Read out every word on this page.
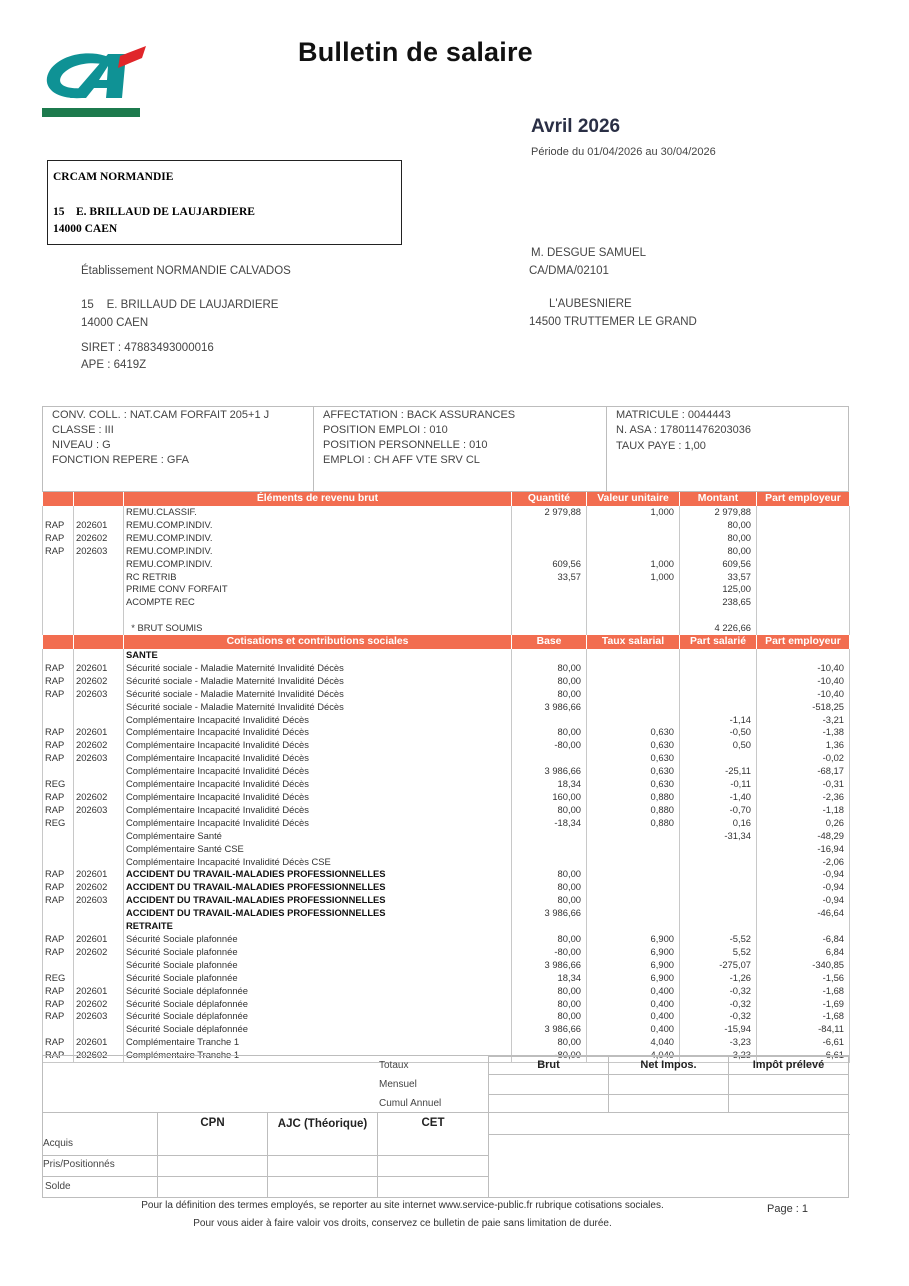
Bulletin de salaire
Avril 2026
Période du 01/04/2026 au 30/04/2026
CRCAM NORMANDIE
15    E. BRILLAUD DE LAUJARDIERE
14000 CAEN
Établissement NORMANDIE CALVADOS
15    E. BRILLAUD DE LAUJARDIERE
14000 CAEN
SIRET : 47883493000016
APE : 6419Z
M. DESGUE SAMUEL
CA/DMA/02101
L'AUBESNIERE
14500 TRUTTEMER LE GRAND
CONV. COLL. : NAT.CAM FORFAIT 205+1 J
CLASSE : III
NIVEAU : G
FONCTION REPERE : GFA
AFFECTATION : BACK ASSURANCES
POSITION EMPLOI : 010
POSITION PERSONNELLE : 010
EMPLOI : CH AFF VTE SRV CL
MATRICULE : 0044443
N. ASA : 178011476203036
TAUX PAYE : 1,00
		Éléments de revenu brut	Quantité	Valeur unitaire	Montant	Part employeur
		REMU.CLASSIF.	2 979,88	1,000	2 979,88	
RAP	202601	REMU.COMP.INDIV.			80,00	
RAP	202602	REMU.COMP.INDIV.			80,00	
RAP	202603	REMU.COMP.INDIV.			80,00	
		REMU.COMP.INDIV.	609,56	1,000	609,56	
		RC RETRIB	33,57	1,000	33,57	
		PRIME CONV FORFAIT			125,00	
		ACOMPTE REC			238,65	

		* BRUT SOUMIS			4 226,66	
		Cotisations et contributions sociales	Base	Taux salarial	Part salarié	Part employeur
		SANTE				
RAP	202601	Sécurité sociale - Maladie Maternité Invalidité Décès	80,00			-10,40
RAP	202602	Sécurité sociale - Maladie Maternité Invalidité Décès	80,00			-10,40
RAP	202603	Sécurité sociale - Maladie Maternité Invalidité Décès	80,00			-10,40
		Sécurité sociale - Maladie Maternité Invalidité Décès	3 986,66			-518,25
		Complémentaire Incapacité Invalidité Décès			-1,14	-3,21
RAP	202601	Complémentaire Incapacité Invalidité Décès	80,00	0,630	-0,50	-1,38
RAP	202602	Complémentaire Incapacité Invalidité Décès	-80,00	0,630	0,50	1,36
RAP	202603	Complémentaire Incapacité Invalidité Décès		0,630		-0,02
		Complémentaire Incapacité Invalidité Décès	3 986,66	0,630	-25,11	-68,17
REG		Complémentaire Incapacité Invalidité Décès	18,34	0,630	-0,11	-0,31
RAP	202602	Complémentaire Incapacité Invalidité Décès	160,00	0,880	-1,40	-2,36
RAP	202603	Complémentaire Incapacité Invalidité Décès	80,00	0,880	-0,70	-1,18
REG		Complémentaire Incapacité Invalidité Décès	-18,34	0,880	0,16	0,26
		Complémentaire Santé			-31,34	-48,29
		Complémentaire Santé CSE				-16,94
		Complémentaire Incapacité Invalidité Décès CSE				-2,06
RAP	202601	ACCIDENT DU TRAVAIL-MALADIES PROFESSIONNELLES	80,00			-0,94
RAP	202602	ACCIDENT DU TRAVAIL-MALADIES PROFESSIONNELLES	80,00			-0,94
RAP	202603	ACCIDENT DU TRAVAIL-MALADIES PROFESSIONNELLES	80,00			-0,94
		ACCIDENT DU TRAVAIL-MALADIES PROFESSIONNELLES	3 986,66			-46,64
		RETRAITE				
RAP	202601	Sécurité Sociale plafonnée	80,00	6,900	-5,52	-6,84
RAP	202602	Sécurité Sociale plafonnée	-80,00	6,900	5,52	6,84
		Sécurité Sociale plafonnée	3 986,66	6,900	-275,07	-340,85
REG		Sécurité Sociale plafonnée	18,34	6,900	-1,26	-1,56
RAP	202601	Sécurité Sociale déplafonnée	80,00	0,400	-0,32	-1,68
RAP	202602	Sécurité Sociale déplafonnée	80,00	0,400	-0,32	-1,69
RAP	202603	Sécurité Sociale déplafonnée	80,00	0,400	-0,32	-1,68
		Sécurité Sociale déplafonnée	3 986,66	0,400	-15,94	-84,11
RAP	202601	Complémentaire Tranche 1	80,00	4,040	-3,23	-6,61
RAP	202602	Complémentaire Tranche 1	-80,00	4,040	3,23	6,61
Totaux
Mensuel
Cumul Annuel
Brut	Net Impos.	Impôt prélevé
CPN	AJC (Théorique)	CET
Acquis
Pris/Positionnés
Solde
Pour la définition des termes employés, se reporter au site internet www.service-public.fr rubrique cotisations sociales.
Pour vous aider à faire valoir vos droits, conservez ce bulletin de paie sans limitation de durée.
Page : 1
